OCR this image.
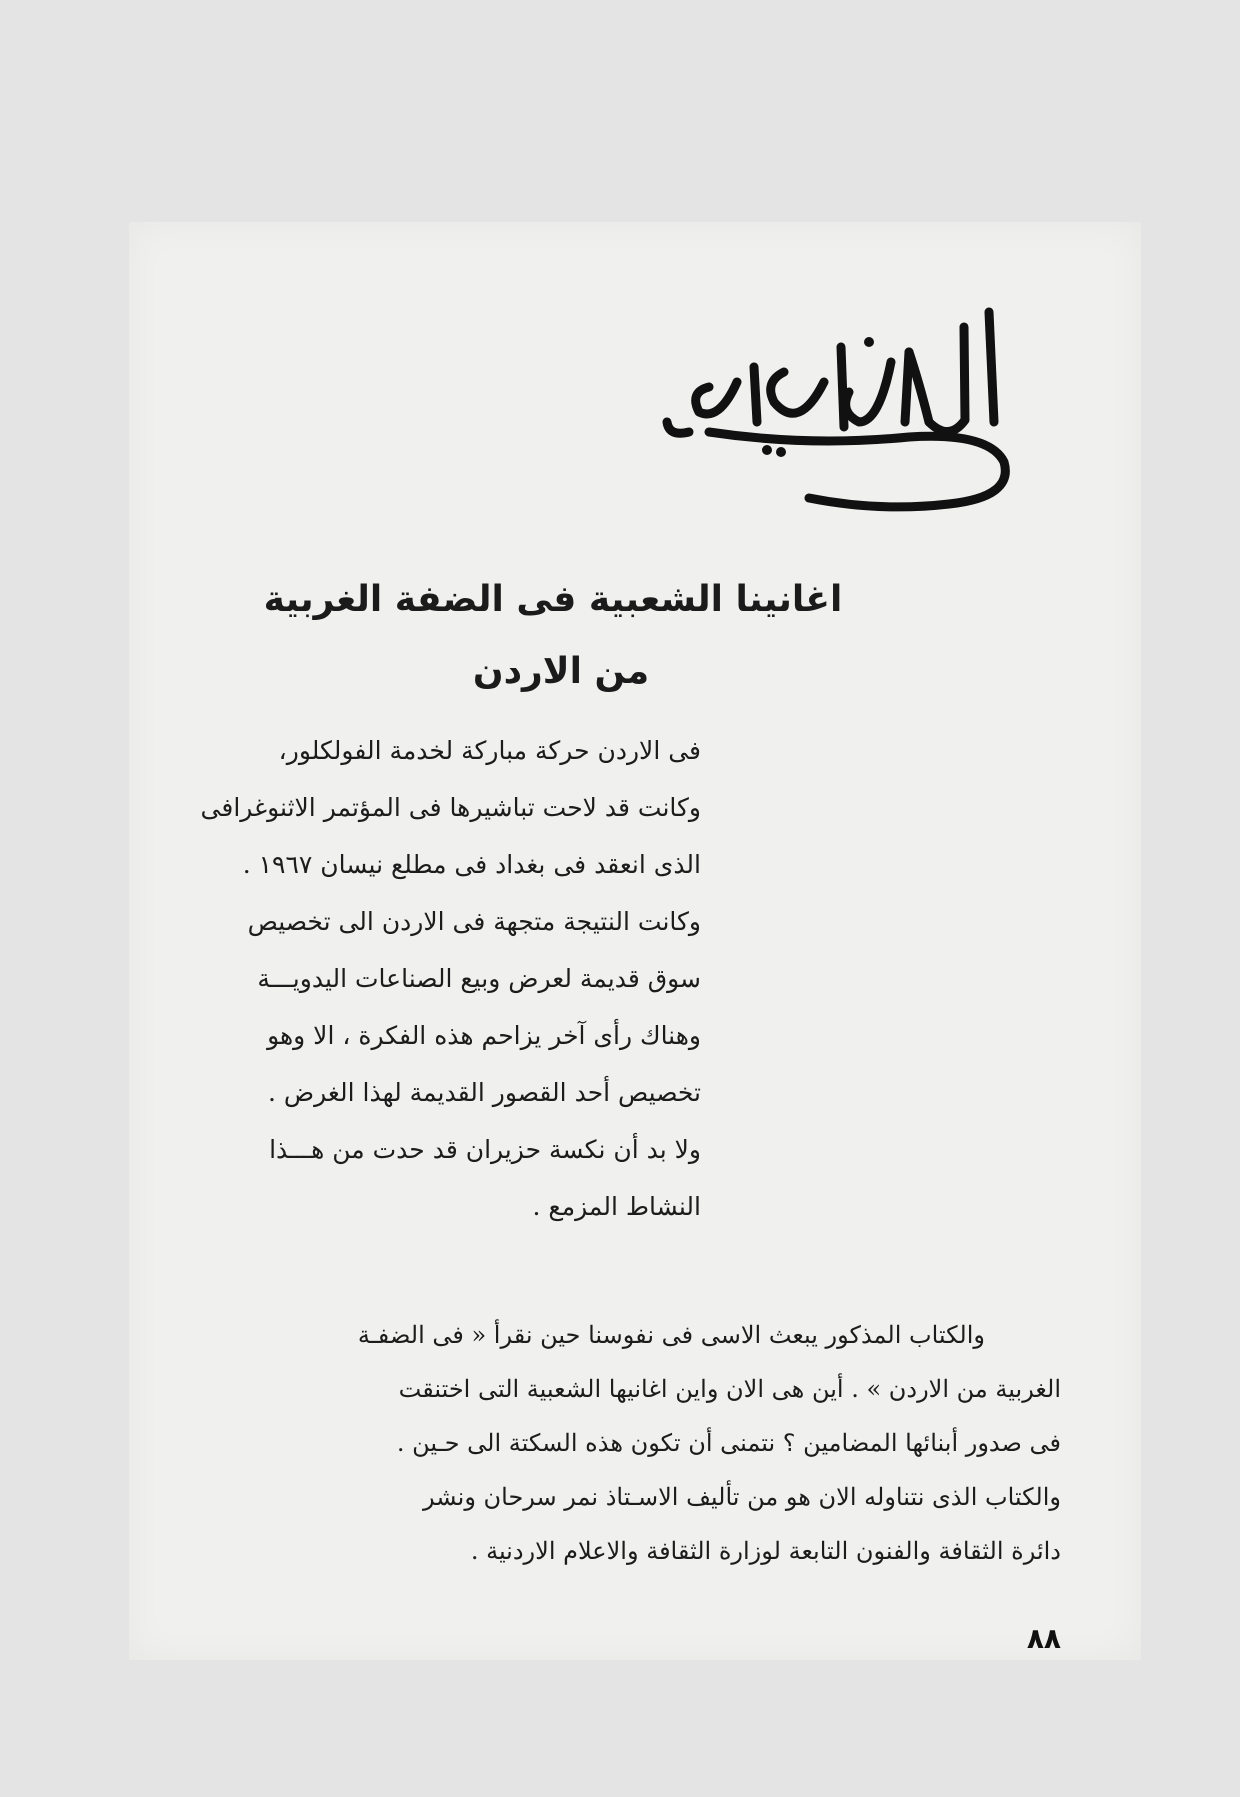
اغانينا الشعبية فى الضفة الغربية
من الاردن
فى الاردن حركة مباركة لخدمة الفولكلور،
وكانت قد لاحت تباشيرها فى المؤتمر الاثنوغرافى
الذى انعقد فى بغداد فى مطلع نيسان ١٩٦٧ .
وكانت النتيجة متجهة فى الاردن الى تخصيص
سوق قديمة لعرض وبيع الصناعات اليدويـــة
وهناك رأى آخر يزاحم هذه الفكرة ، الا وهو
تخصيص أحد القصور القديمة لهذا الغرض .
ولا بد أن نكسة حزيران قد حدت من هـــذا
النشاط المزمع .
والكتاب المذكور يبعث الاسى فى نفوسنا حين نقرأ « فى الضفـة
الغربية من الاردن » . أين هى الان واين اغانيها الشعبية التى اختنقت
فى صدور أبنائها المضامين ؟ نتمنى أن تكون هذه السكتة الى حـين .
والكتاب الذى نتناوله الان هو من تأليف الاسـتاذ نمر سرحان ونشر
دائرة الثقافة والفنون التابعة لوزارة الثقافة والاعلام الاردنية .
٨٨
